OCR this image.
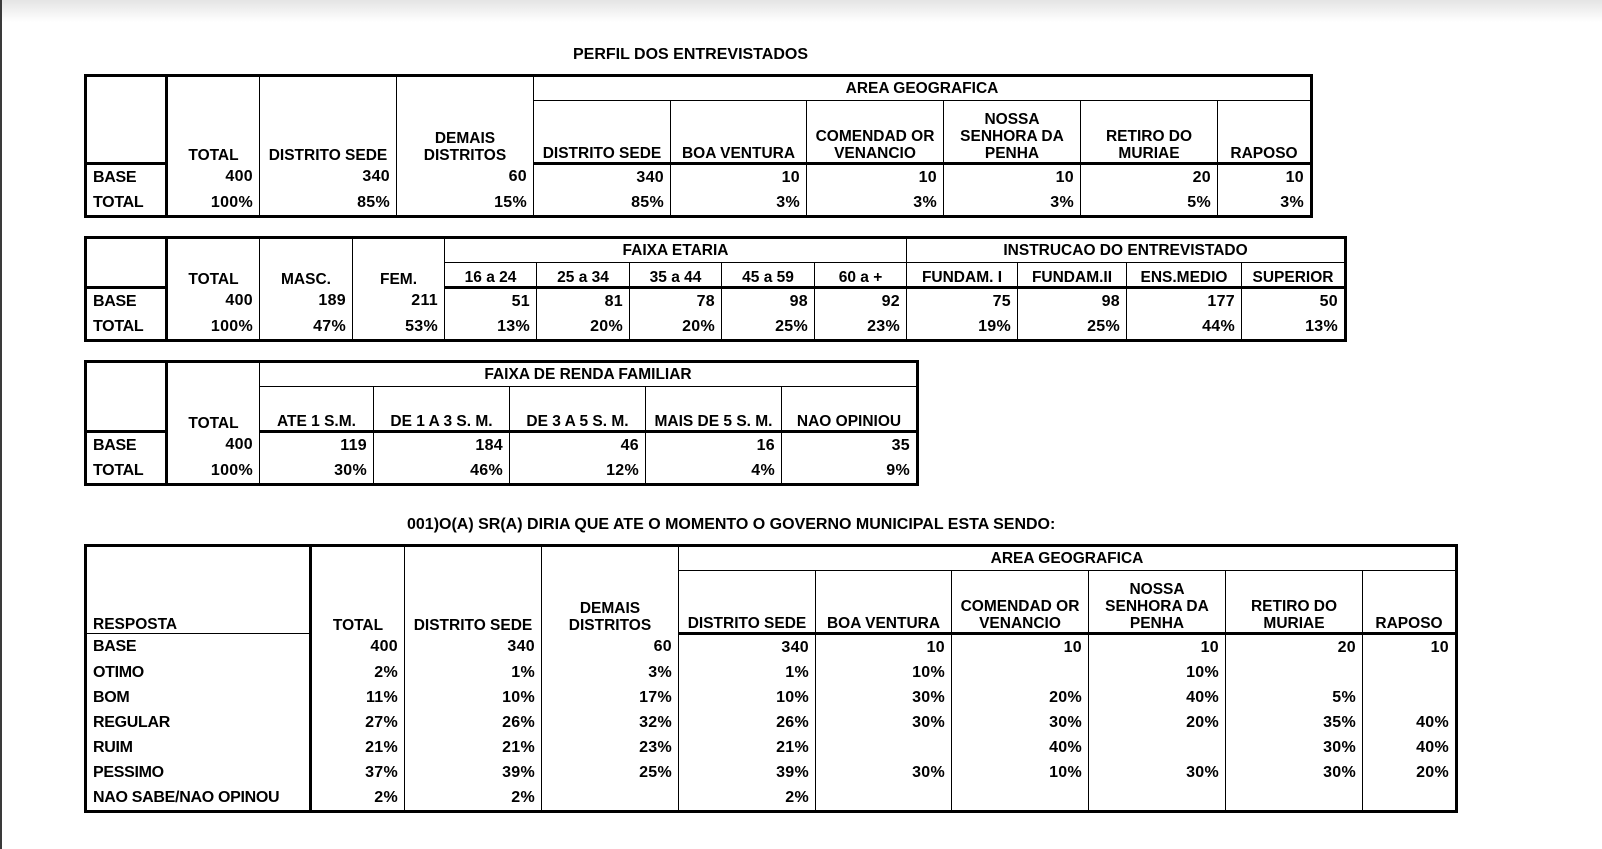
PERFIL DOS ENTREVISTADOS
	TOTAL	DISTRITO SEDE	DEMAIS DISTRITOS	AREA GEOGRAFICA					
				DISTRITO SEDE	BOA VENTURA	COMENDAD OR VENANCIO	NOSSA SENHORA DA PENHA	RETIRO DO MURIAE	RAPOSO
BASE	400	340	60	340	10	10	10	20	10
TOTAL	100%	85%	15%	85%	3%	3%	3%	5%	3%
	TOTAL	MASC.	FEM.	FAIXA ETARIA					INSTRUCAO DO ENTREVISTADO			
				16 a 24	25 a 34	35 a 44	45 a 59	60 a +	FUNDAM. I	FUNDAM.II	ENS.MEDIO	SUPERIOR
BASE	400	189	211	51	81	78	98	92	75	98	177	50
TOTAL	100%	47%	53%	13%	20%	20%	25%	23%	19%	25%	44%	13%
	TOTAL	FAIXA DE RENDA FAMILIAR				
		ATE 1 S.M.	DE 1 A 3 S. M.	DE 3 A 5 S. M.	MAIS DE 5 S. M.	NAO OPINIOU
BASE	400	119	184	46	16	35
TOTAL	100%	30%	46%	12%	4%	9%
001)O(A) SR(A) DIRIA QUE ATE O MOMENTO O GOVERNO MUNICIPAL ESTA SENDO:
RESPOSTA	TOTAL	DISTRITO SEDE	DEMAIS DISTRITOS	AREA GEOGRAFICA					
				DISTRITO SEDE	BOA VENTURA	COMENDAD OR VENANCIO	NOSSA SENHORA DA PENHA	RETIRO DO MURIAE	RAPOSO
BASE	400	340	60	340	10	10	10	20	10
OTIMO	2%	1%	3%	1%	10%		10%		
BOM	11%	10%	17%	10%	30%	20%	40%	5%	
REGULAR	27%	26%	32%	26%	30%	30%	20%	35%	40%
RUIM	21%	21%	23%	21%		40%		30%	40%
PESSIMO	37%	39%	25%	39%	30%	10%	30%	30%	20%
NAO SABE/NAO OPINOU	2%	2%		2%					
